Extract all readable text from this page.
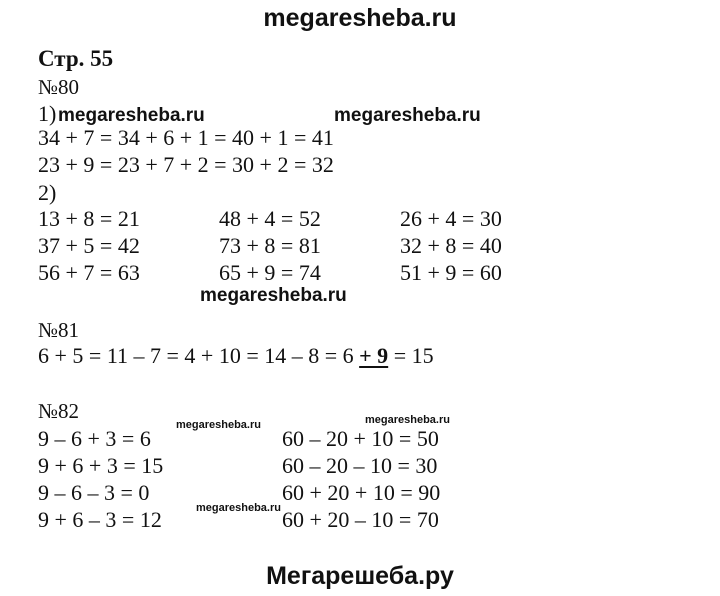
megaresheba.ru
Стр. 55
№80
1) megaresheba.ru	megaresheba.ru
34 + 7 = 34 + 6 + 1 = 40 + 1 = 41
23 + 9 = 23 + 7 + 2 = 30 + 2 = 32
2)
13 + 8 = 21	48 + 4 = 52	26 + 4 = 30
37 + 5 = 42	73 + 8 = 81	32 + 8 = 40
56 + 7 = 63	65 + 9 = 74	51 + 9 = 60
megaresheba.ru
№81
6 + 5 = 11 – 7 = 4 + 10 = 14 – 8 = 6 + 9 = 15
№82
megaresheba.ru	megaresheba.ru
9 – 6 + 3 = 6	60 – 20 + 10 = 50
9 + 6 + 3 = 15	60 – 20 – 10 = 30
9 – 6 – 3 = 0	60 + 20 + 10 = 90
megaresheba.ru
9 + 6 – 3 = 12	60 + 20 – 10 = 70
Мегарешеба.ру
